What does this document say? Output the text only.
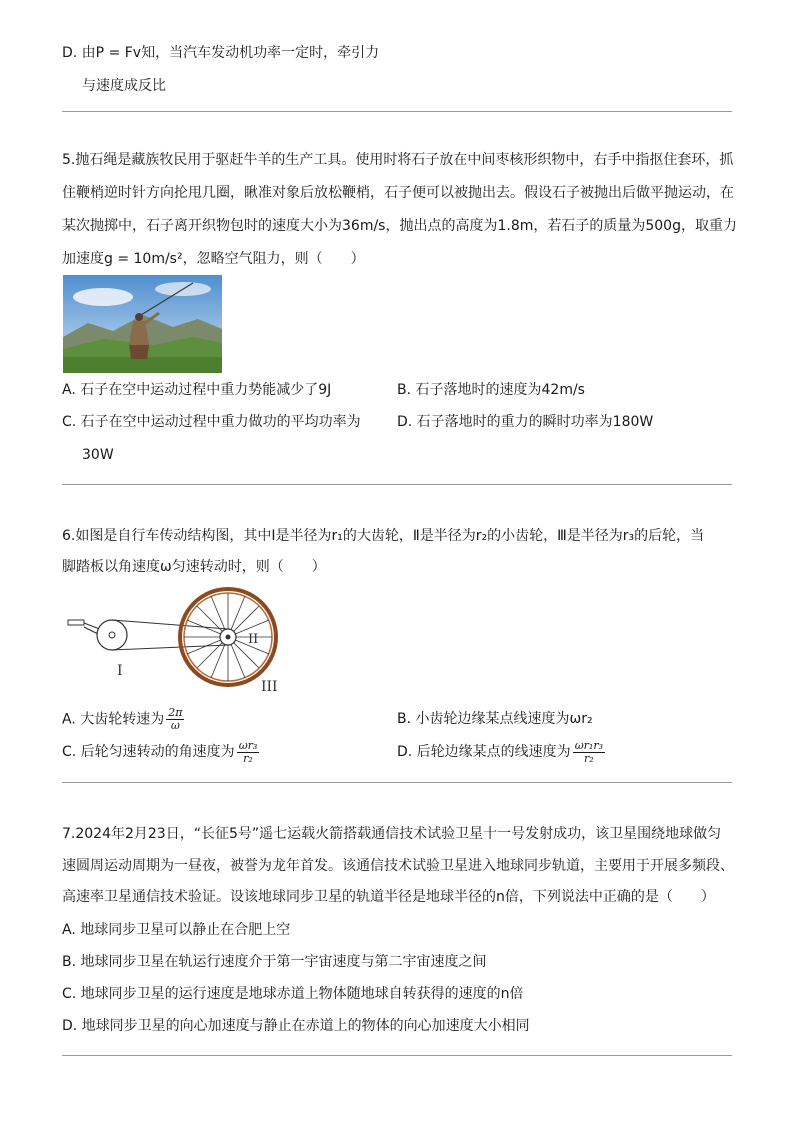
D. 由P = Fv知，当汽车发动机功率一定时，牵引力
与速度成反比
5.抛石绳是藏族牧民用于驱赶牛羊的生产工具。使用时将石子放在中间枣核形织物中，右手中指抠住套环，抓
住鞭梢逆时针方向抡甩几圈，瞅准对象后放松鞭梢，石子便可以被抛出去。假设石子被抛出后做平抛运动，在
某次抛掷中，石子离开织物包时的速度大小为36m/s，抛出点的高度为1.8m，若石子的质量为500g，取重力
加速度g = 10m/s²，忽略空气阻力，则（　　）
A. 石子在空中运动过程中重力势能减少了9J	B. 石子落地时的速度为42m/s
C. 石子在空中运动过程中重力做功的平均功率为	D. 石子落地时的重力的瞬时功率为180W
30W
6.如图是自行车传动结构图，其中Ⅰ是半径为r₁的大齿轮，Ⅱ是半径为r₂的小齿轮，Ⅲ是半径为r₃的后轮，当
脚踏板以角速度ω匀速转动时，则（　　）
I
II
III
A. 大齿轮转速为 $\frac{2\pi}{\omega}$	B. 小齿轮边缘某点线速度为ωr₂
C. 后轮匀速转动的角速度为 $\frac{\text{ωr₃}}{\text{r₂}}$	D. 后轮边缘某点的线速度为 $\frac{\text{ωr₁r₃}}{\text{r₂}}$
7.2024年2月23日，“长征5号”遥七运载火箭搭载通信技术试验卫星十一号发射成功，该卫星围绕地球做匀
速圆周运动周期为一昼夜，被誉为龙年首发。该通信技术试验卫星进入地球同步轨道，主要用于开展多频段、
高速率卫星通信技术验证。设该地球同步卫星的轨道半径是地球半径的n倍，下列说法中正确的是（　　）
A. 地球同步卫星可以静止在合肥上空
B. 地球同步卫星在轨运行速度介于第一宇宙速度与第二宇宙速度之间
C. 地球同步卫星的运行速度是地球赤道上物体随地球自转获得的速度的n倍
D. 地球同步卫星的向心加速度与静止在赤道上的物体的向心加速度大小相同
